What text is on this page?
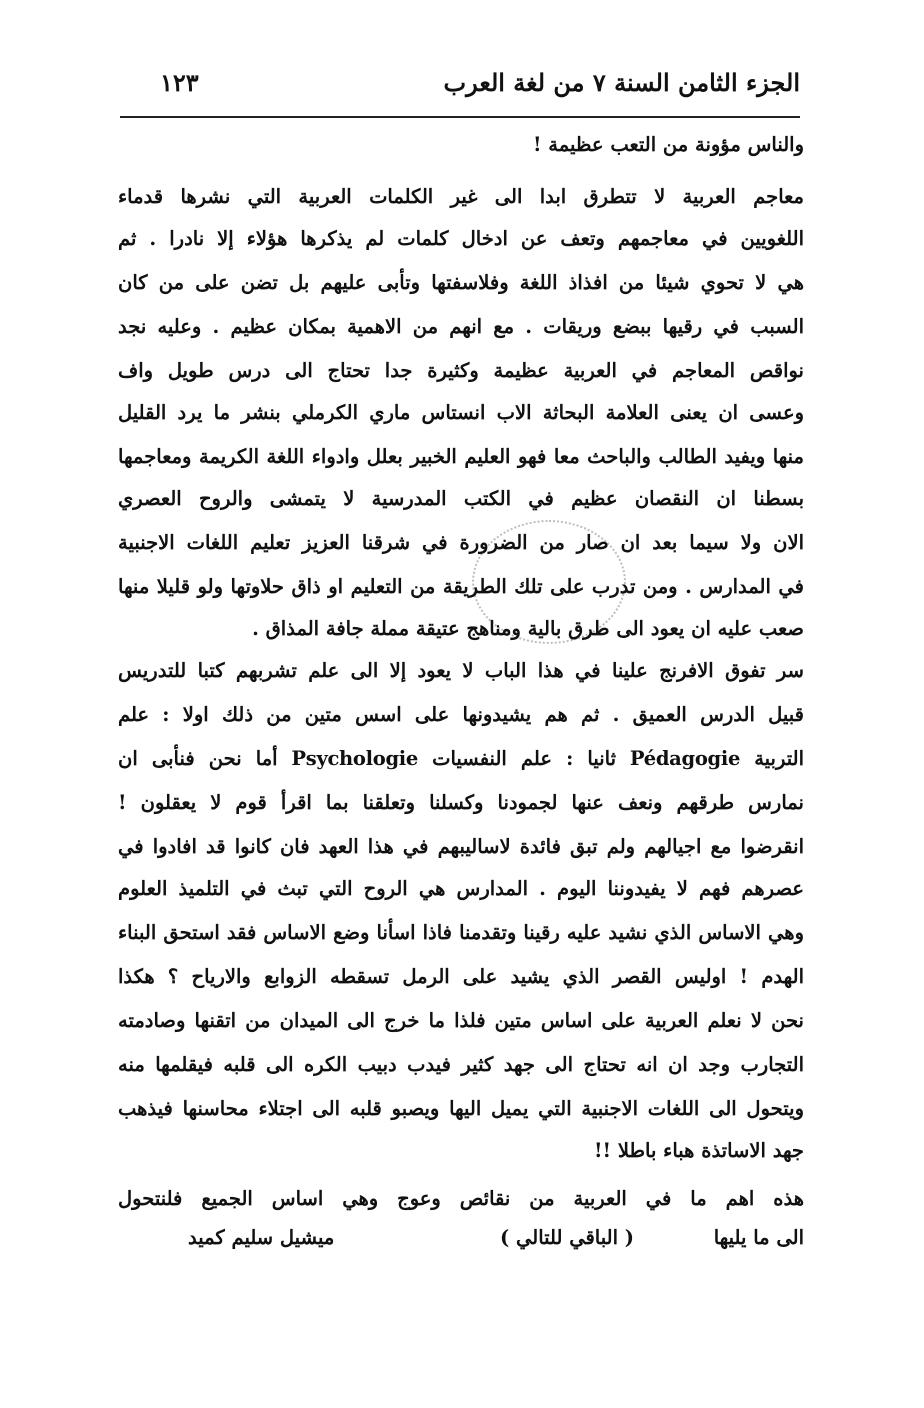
الجزء الثامن السنة ٧ من لغة العرب
١٢٣
والناس مؤونة من التعب عظيمة !
معاجم العربية لا تتطرق ابدا الى غير الكلمات العربية التي نشرها قدماء
اللغويين في معاجمهم وتعف عن ادخال كلمات لم يذكرها هؤلاء إلا نادرا . ثم
هي لا تحوي شيئا من افذاذ اللغة وفلاسفتها وتأبى عليهم بل تضن على من كان
السبب في رقيها ببضع وريقات . مع انهم من الاهمية بمكان عظيم . وعليه نجد
نواقص المعاجم في العربية عظيمة وكثيرة جدا تحتاج الى درس طويل واف
وعسى ان يعنى العلامة البحاثة الاب انستاس ماري الكرملي بنشر ما يرد القليل
منها ويفيد الطالب والباحث معا فهو العليم الخبير بعلل وادواء اللغة الكريمة ومعاجمها
بسطنا ان النقصان عظيم في الكتب المدرسية لا يتمشى والروح العصري
الان ولا سيما بعد ان صار من الضرورة في شرقنا العزيز تعليم اللغات الاجنبية
في المدارس . ومن تدرب على تلك الطريقة من التعليم او ذاق حلاوتها ولو قليلا منها
صعب عليه ان يعود الى طرق بالية ومناهج عتيقة مملة جافة المذاق .
سر تفوق الافرنج علينا في هذا الباب لا يعود إلا الى علم تشربهم كتبا للتدريس
قبيل الدرس العميق . ثم هم يشيدونها على اسس متين من ذلك اولا : علم
التربية Pédagogie ثانيا : علم النفسيات Psychologie أما نحن فنأبى ان
نمارس طرقهم ونعف عنها لجمودنا وكسلنا وتعلقنا بما اقرأ قوم لا يعقلون !
انقرضوا مع اجيالهم ولم تبق فائدة لاساليبهم في هذا العهد فان كانوا قد افادوا في
عصرهم فهم لا يفيدوننا اليوم . المدارس هي الروح التي تبث في التلميذ العلوم
وهي الاساس الذي نشيد عليه رقينا وتقدمنا فاذا اسأنا وضع الاساس فقد استحق البناء
الهدم ! اوليس القصر الذي يشيد على الرمل تسقطه الزوابع والارياح ؟ هكذا
نحن لا نعلم العربية على اساس متين فلذا ما خرج الى الميدان من اتقنها وصادمته
التجارب وجد ان انه تحتاج الى جهد كثير فيدب دبيب الكره الى قلبه فيقلمها منه
ويتحول الى اللغات الاجنبية التي يميل اليها ويصبو قلبه الى اجتلاء محاسنها فيذهب
جهد الاساتذة هباء باطلا !!
هذه اهم ما في العربية من نقائص وعوج وهي اساس الجميع فلنتحول
الى ما يليها
( الباقي للتالي )
ميشيل سليم كميد
